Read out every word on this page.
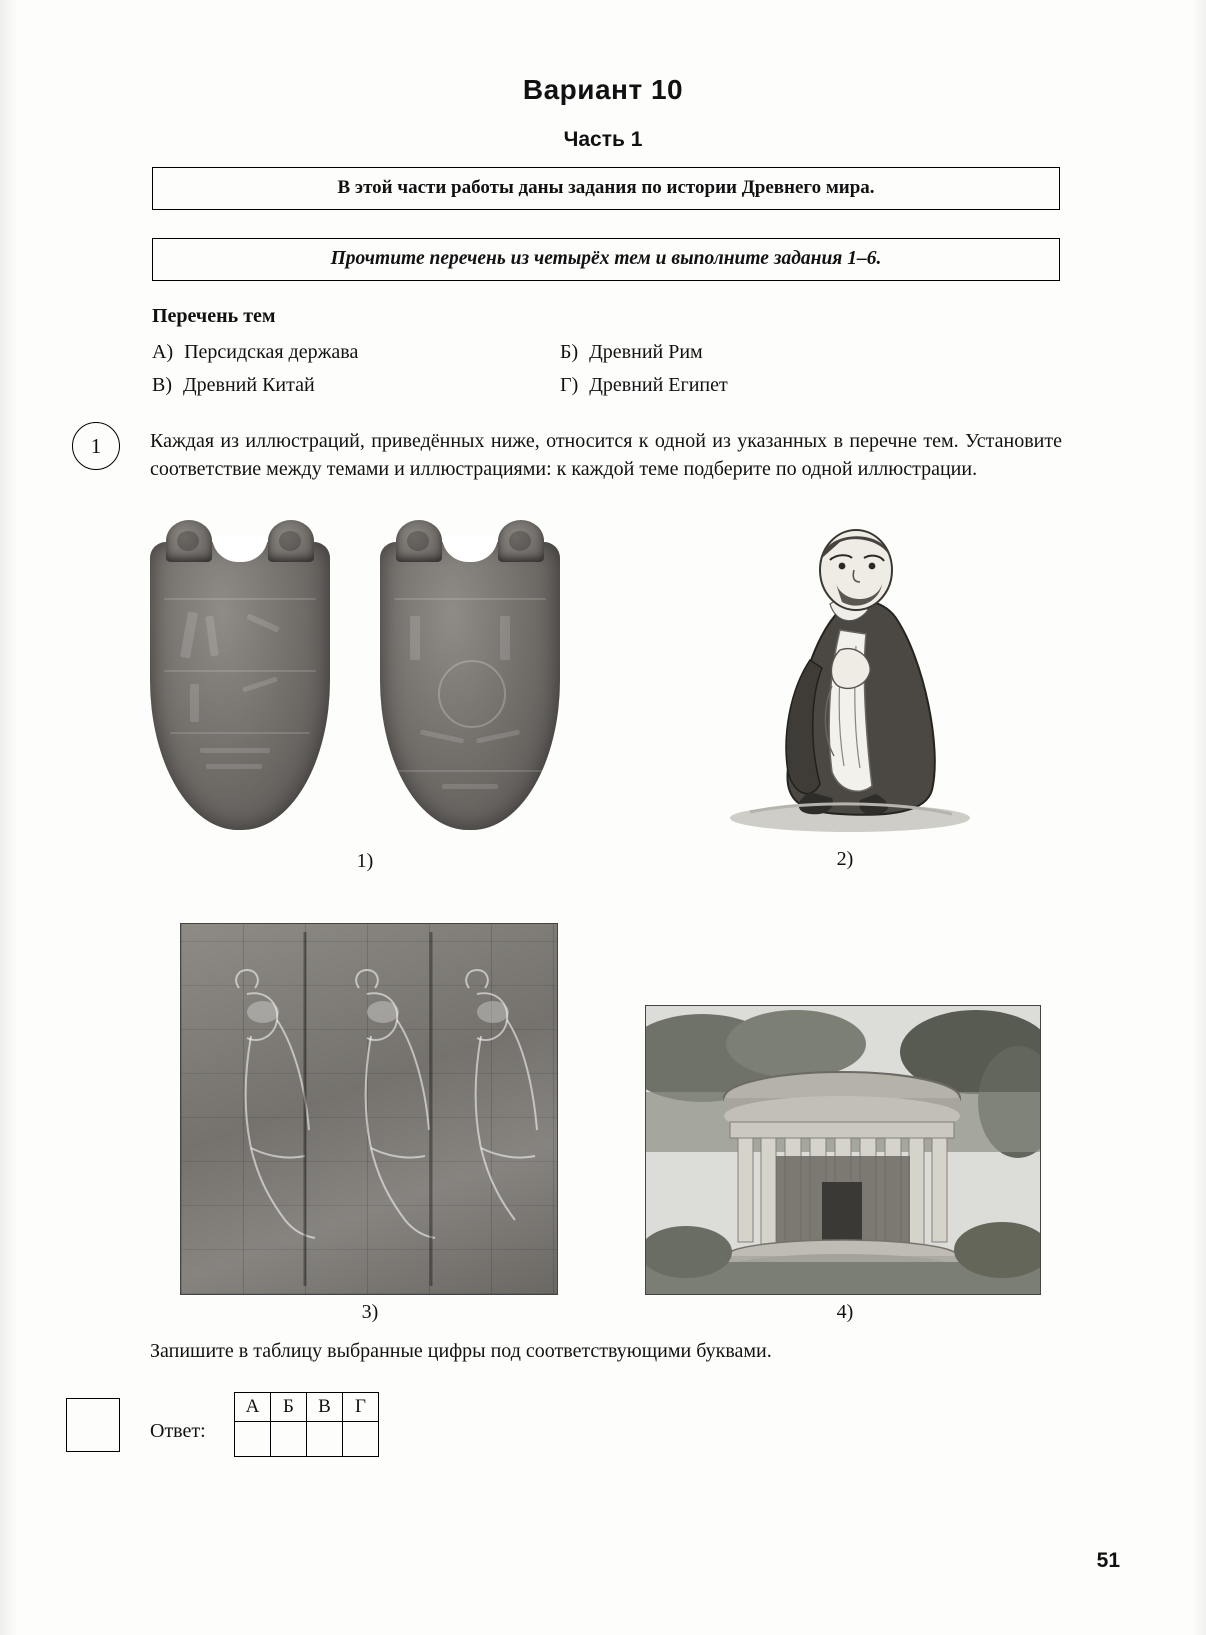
Вариант 10
Часть 1
В этой части работы даны задания по истории Древнего мира.
Прочтите перечень из четырёх тем и выполните задания 1–6.
Перечень тем
А) Персидская держава	Б) Древний Рим
В) Древний Китай	Г) Древний Египет
1	Каждая из иллюстраций, приведённых ниже, относится к одной из указанных в перечне тем. Установите соответствие между темами и иллюстрациями: к каждой теме подберите по одной иллюстрации.
1)	2)
3)	4)
Запишите в таблицу выбранные цифры под соответствующими буквами.
Ответ:
А	Б	В	Г

51
